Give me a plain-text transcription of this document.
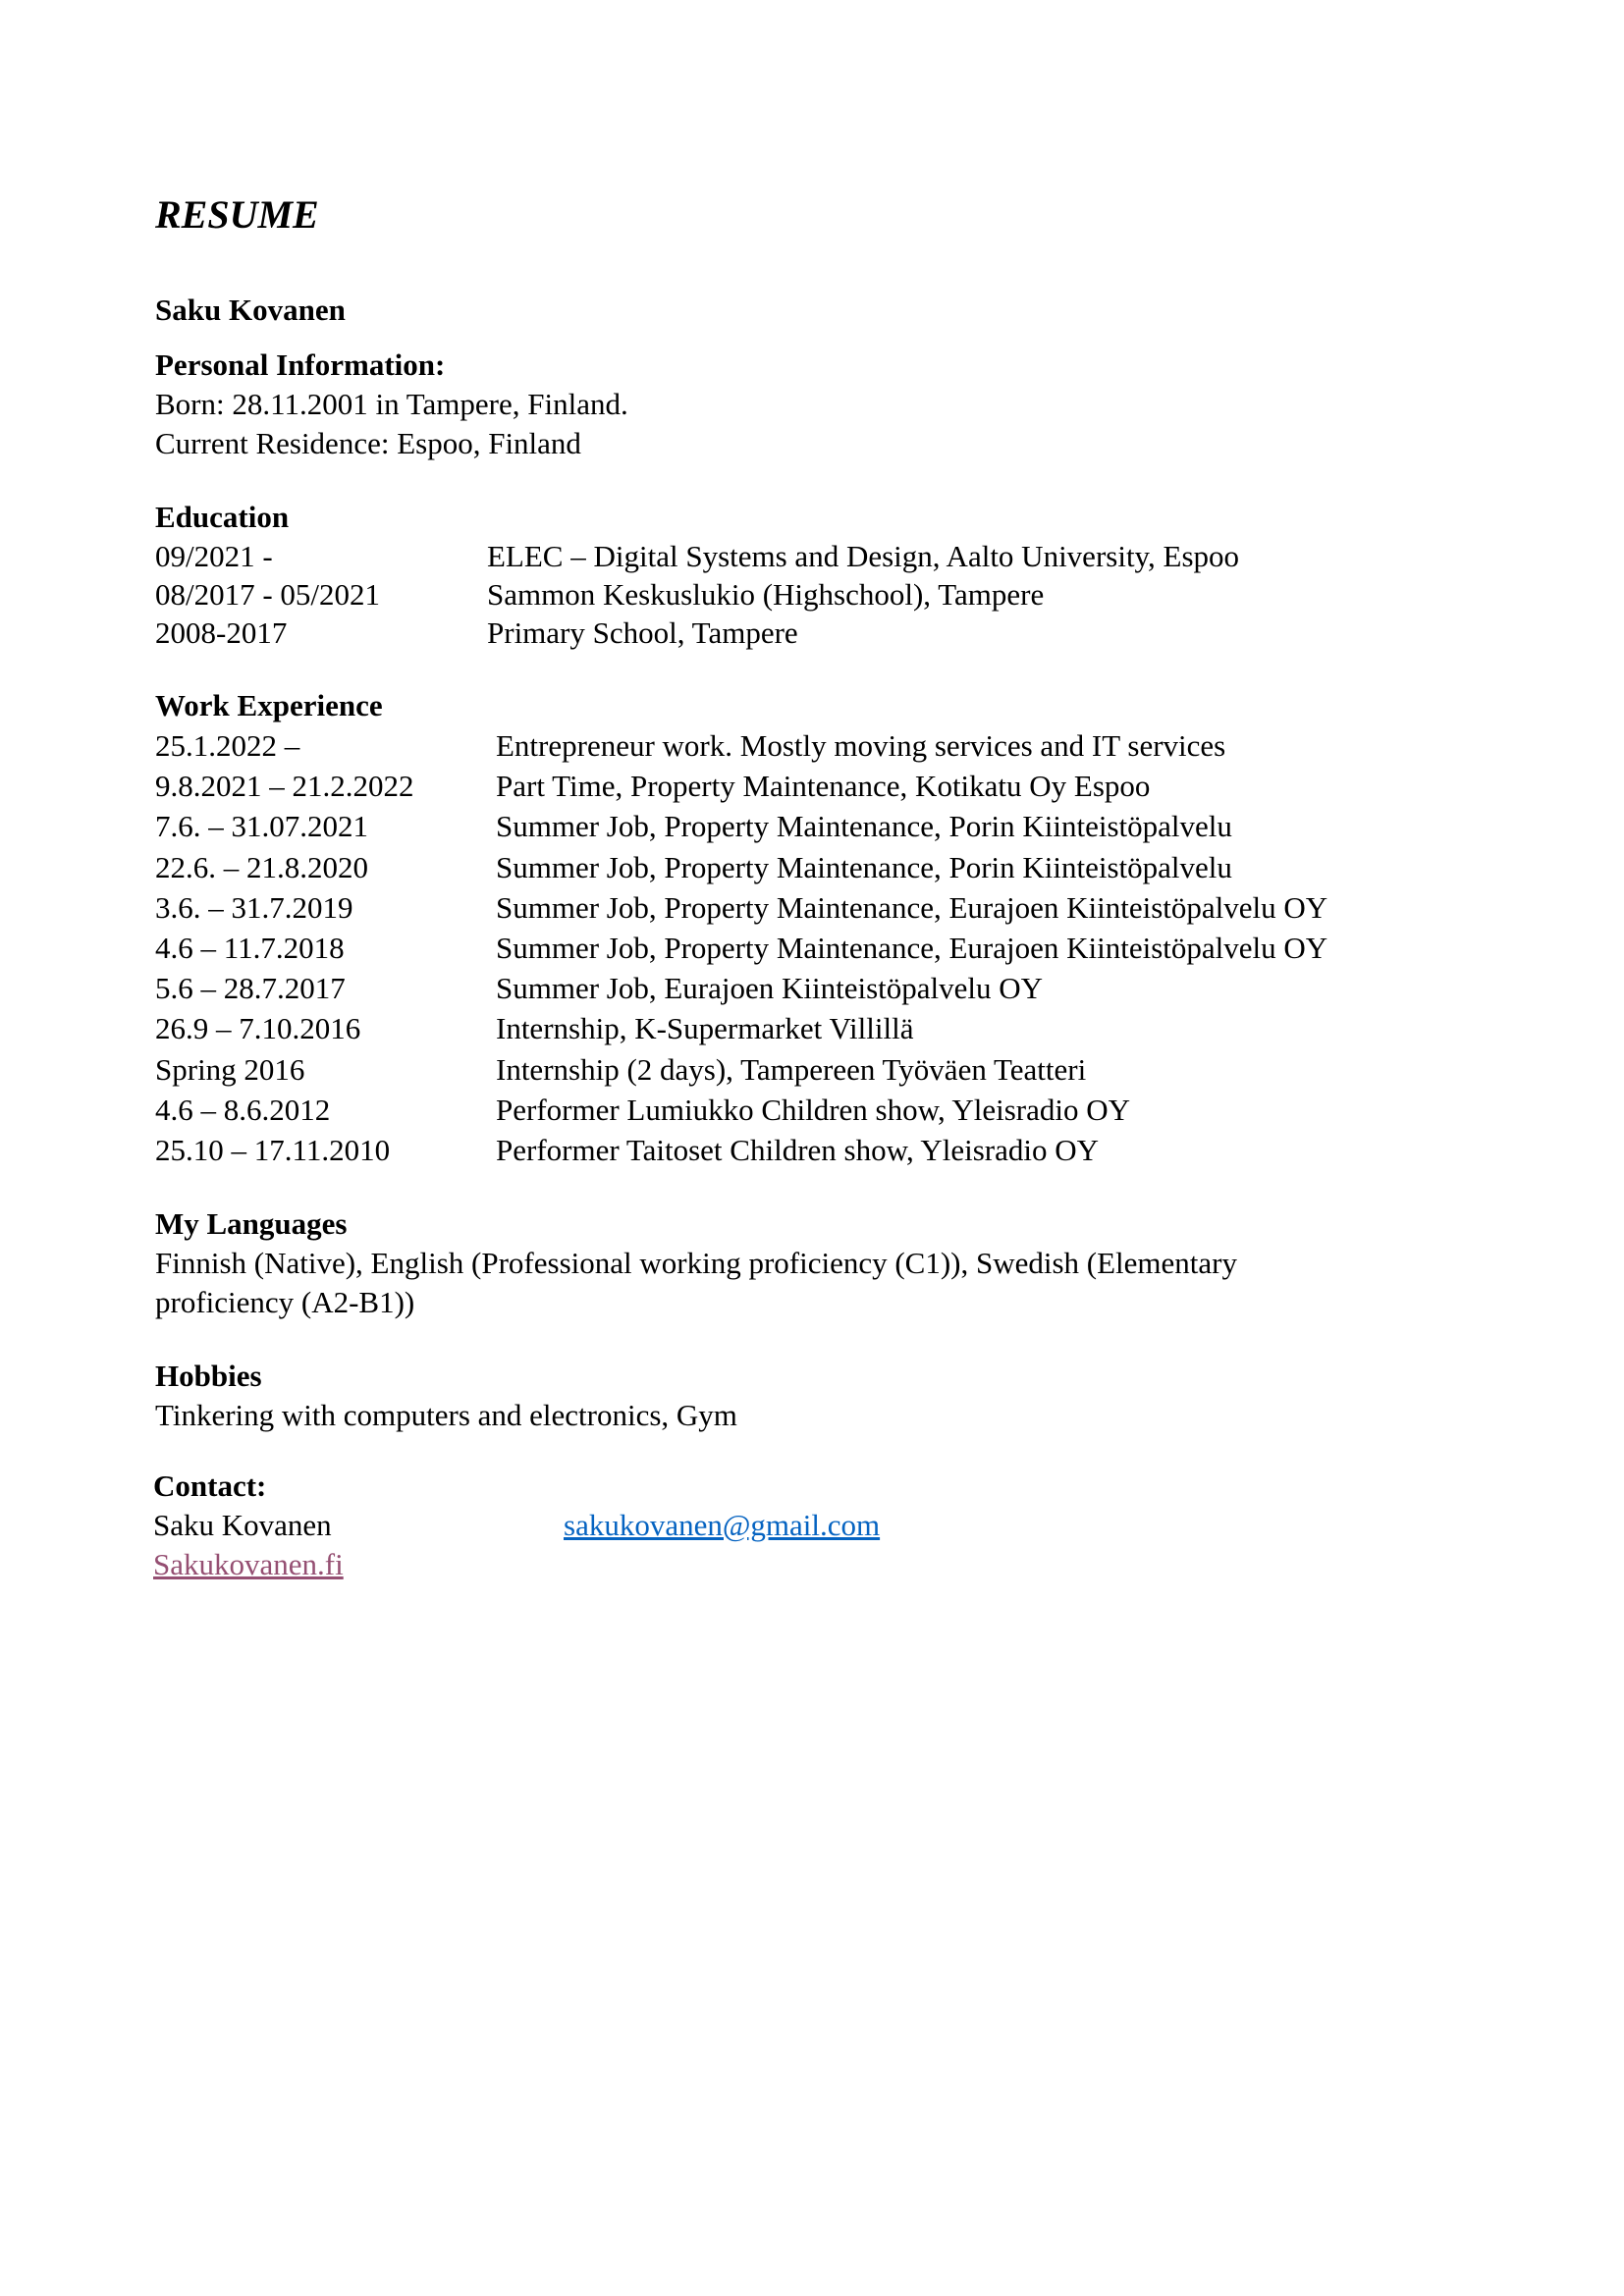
RESUME
Saku Kovanen
Personal Information:
Born: 28.11.2001 in Tampere, Finland.
Current Residence: Espoo, Finland
Education
09/2021 -	ELEC – Digital Systems and Design, Aalto University, Espoo
08/2017 - 05/2021	Sammon Keskuslukio (Highschool), Tampere
2008-2017	Primary School, Tampere
Work Experience
25.1.2022 –	Entrepreneur work. Mostly moving services and IT services
9.8.2021 – 21.2.2022	Part Time, Property Maintenance, Kotikatu Oy Espoo
7.6. – 31.07.2021	Summer Job, Property Maintenance, Porin Kiinteistöpalvelu
22.6. – 21.8.2020	Summer Job, Property Maintenance, Porin Kiinteistöpalvelu
3.6. – 31.7.2019	Summer Job, Property Maintenance, Eurajoen Kiinteistöpalvelu OY
4.6 – 11.7.2018	Summer Job, Property Maintenance, Eurajoen Kiinteistöpalvelu OY
5.6 – 28.7.2017	Summer Job, Eurajoen Kiinteistöpalvelu OY
26.9 – 7.10.2016	Internship, K-Supermarket Villillä
Spring 2016	Internship (2 days), Tampereen Työväen Teatteri
4.6 – 8.6.2012	Performer Lumiukko Children show, Yleisradio OY
25.10 – 17.11.2010	Performer Taitoset Children show, Yleisradio OY
My Languages
Finnish (Native), English (Professional working proficiency (C1)), Swedish (Elementary proficiency (A2-B1))
Hobbies
Tinkering with computers and electronics, Gym
Contact:
Saku Kovanen	sakukovanen@gmail.com
Sakukovanen.fi
